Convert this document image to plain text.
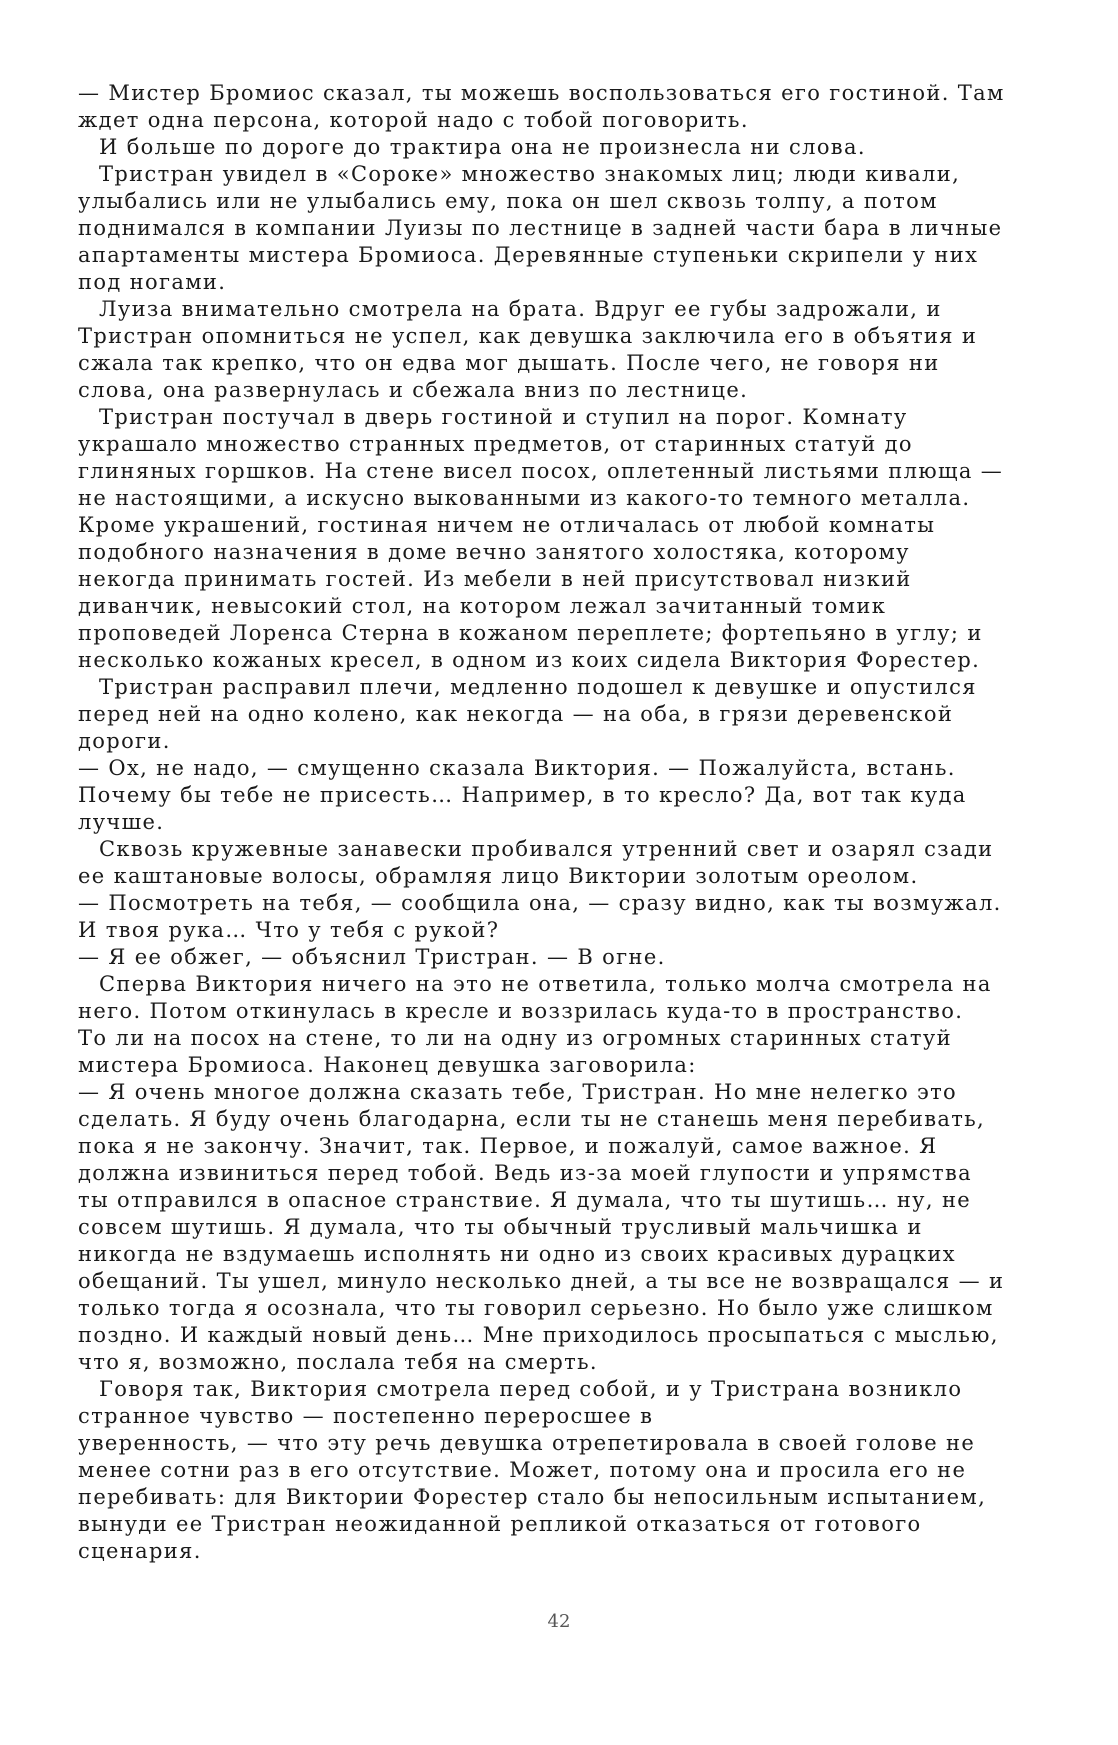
— Мистер Бромиос сказал, ты можешь воспользоваться его гостиной. Там
ждет одна персона, которой надо с тобой поговорить.
И больше по дороге до трактира она не произнесла ни слова.
Тристран увидел в «Сороке» множество знакомых лиц; люди кивали,
улыбались или не улыбались ему, пока он шел сквозь толпу, а потом
поднимался в компании Луизы по лестнице в задней части бара в личные
апартаменты мистера Бромиоса. Деревянные ступеньки скрипели у них
под ногами.
Луиза внимательно смотрела на брата. Вдруг ее губы задрожали, и
Тристран опомниться не успел, как девушка заключила его в объятия и
сжала так крепко, что он едва мог дышать. После чего, не говоря ни
слова, она развернулась и сбежала вниз по лестнице.
Тристран постучал в дверь гостиной и ступил на порог. Комнату
украшало множество странных предметов, от старинных статуй до
глиняных горшков. На стене висел посох, оплетенный листьями плюща —
не настоящими, а искусно выкованными из какого-то темного металла.
Кроме украшений, гостиная ничем не отличалась от любой комнаты
подобного назначения в доме вечно занятого холостяка, которому
некогда принимать гостей. Из мебели в ней присутствовал низкий
диванчик, невысокий стол, на котором лежал зачитанный томик
проповедей Лоренса Стерна в кожаном переплете; фортепьяно в углу; и
несколько кожаных кресел, в одном из коих сидела Виктория Форестер.
Тристран расправил плечи, медленно подошел к девушке и опустился
перед ней на одно колено, как некогда — на оба, в грязи деревенской
дороги.
— Ох, не надо, — смущенно сказала Виктория. — Пожалуйста, встань.
Почему бы тебе не присесть… Например, в то кресло? Да, вот так куда
лучше.
Сквозь кружевные занавески пробивался утренний свет и озарял сзади
ее каштановые волосы, обрамляя лицо Виктории золотым ореолом.
— Посмотреть на тебя, — сообщила она, — сразу видно, как ты возмужал.
И твоя рука… Что у тебя с рукой?
— Я ее обжег, — объяснил Тристран. — В огне.
Сперва Виктория ничего на это не ответила, только молча смотрела на
него. Потом откинулась в кресле и воззрилась куда-то в пространство.
То ли на посох на стене, то ли на одну из огромных старинных статуй
мистера Бромиоса. Наконец девушка заговорила:
— Я очень многое должна сказать тебе, Тристран. Но мне нелегко это
сделать. Я буду очень благодарна, если ты не станешь меня перебивать,
пока я не закончу. Значит, так. Первое, и пожалуй, самое важное. Я
должна извиниться перед тобой. Ведь из-за моей глупости и упрямства
ты отправился в опасное странствие. Я думала, что ты шутишь… ну, не
совсем шутишь. Я думала, что ты обычный трусливый мальчишка и
никогда не вздумаешь исполнять ни одно из своих красивых дурацких
обещаний. Ты ушел, минуло несколько дней, а ты все не возвращался — и
только тогда я осознала, что ты говорил серьезно. Но было уже слишком
поздно. И каждый новый день… Мне приходилось просыпаться с мыслью,
что я, возможно, послала тебя на смерть.
Говоря так, Виктория смотрела перед собой, и у Тристрана возникло
странное чувство — постепенно переросшее в
уверенность, — что эту речь девушка отрепетировала в своей голове не
менее сотни раз в его отсутствие. Может, потому она и просила его не
перебивать: для Виктории Форестер стало бы непосильным испытанием,
вынуди ее Тристран неожиданной репликой отказаться от готового
сценария.
42
